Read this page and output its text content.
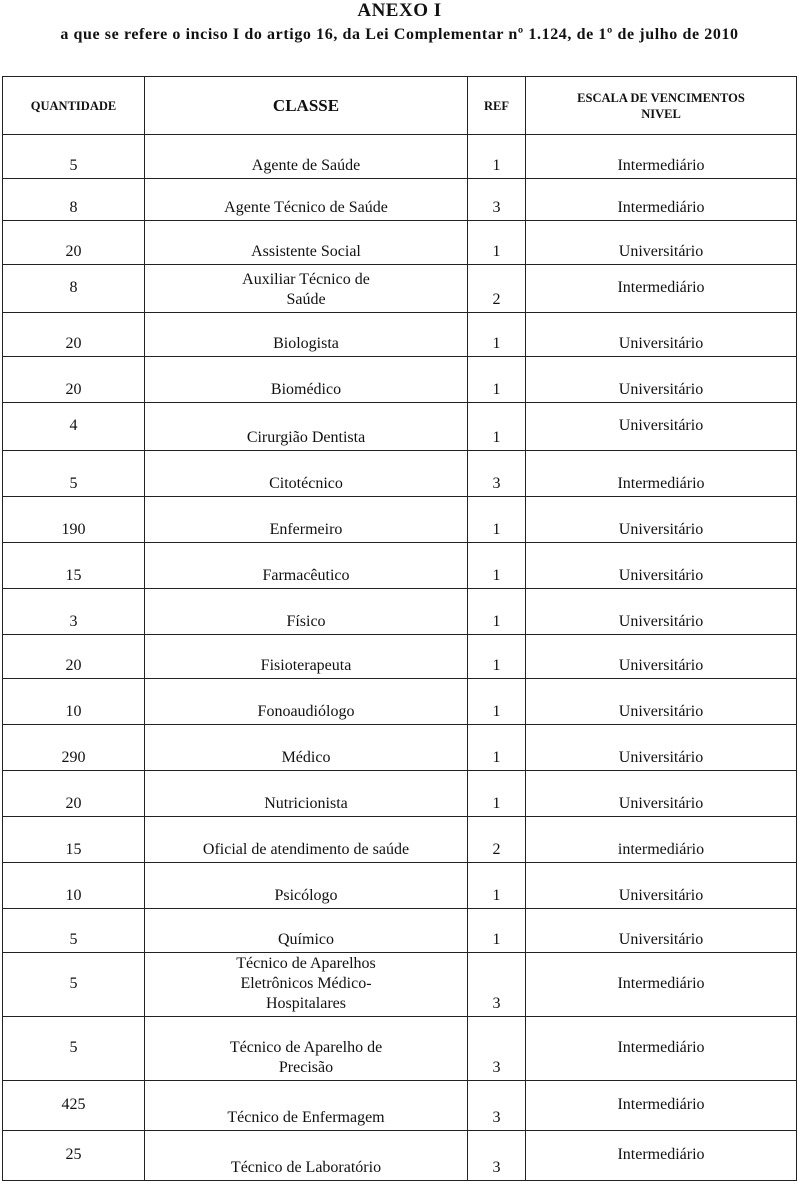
ANEXO I
a que se refere o inciso I do artigo 16, da Lei Complementar nº 1.124, de 1º de julho de 2010
QUANTIDADE	CLASSE	REF	ESCALA DE VENCIMENTOS NIVEL

5	Agente de Saúde	1	Intermediário

8	Agente Técnico de Saúde	3	Intermediário

20	Assistente Social	1	Universitário

8	Auxiliar Técnico de Saúde	2	Intermediário

20	Biologista	1	Universitário

20	Biomédico	1	Universitário

4	Cirurgião Dentista	1	Universitário

5	Citotécnico	3	Intermediário

190	Enfermeiro	1	Universitário

15	Farmacêutico	1	Universitário

3	Físico	1	Universitário

20	Fisioterapeuta	1	Universitário

10	Fonoaudiólogo	1	Universitário

290	Médico	1	Universitário

20	Nutricionista	1	Universitário

15	Oficial de atendimento de saúde	2	intermediário

10	Psicólogo	1	Universitário

5	Químico	1	Universitário

5	Técnico de Aparelhos Eletrônicos Médico-Hospitalares	3	Intermediário

5	Técnico de Aparelho de Precisão	3	Intermediário

425	Técnico de Enfermagem	3	Intermediário

25	Técnico de Laboratório	3	Intermediário
